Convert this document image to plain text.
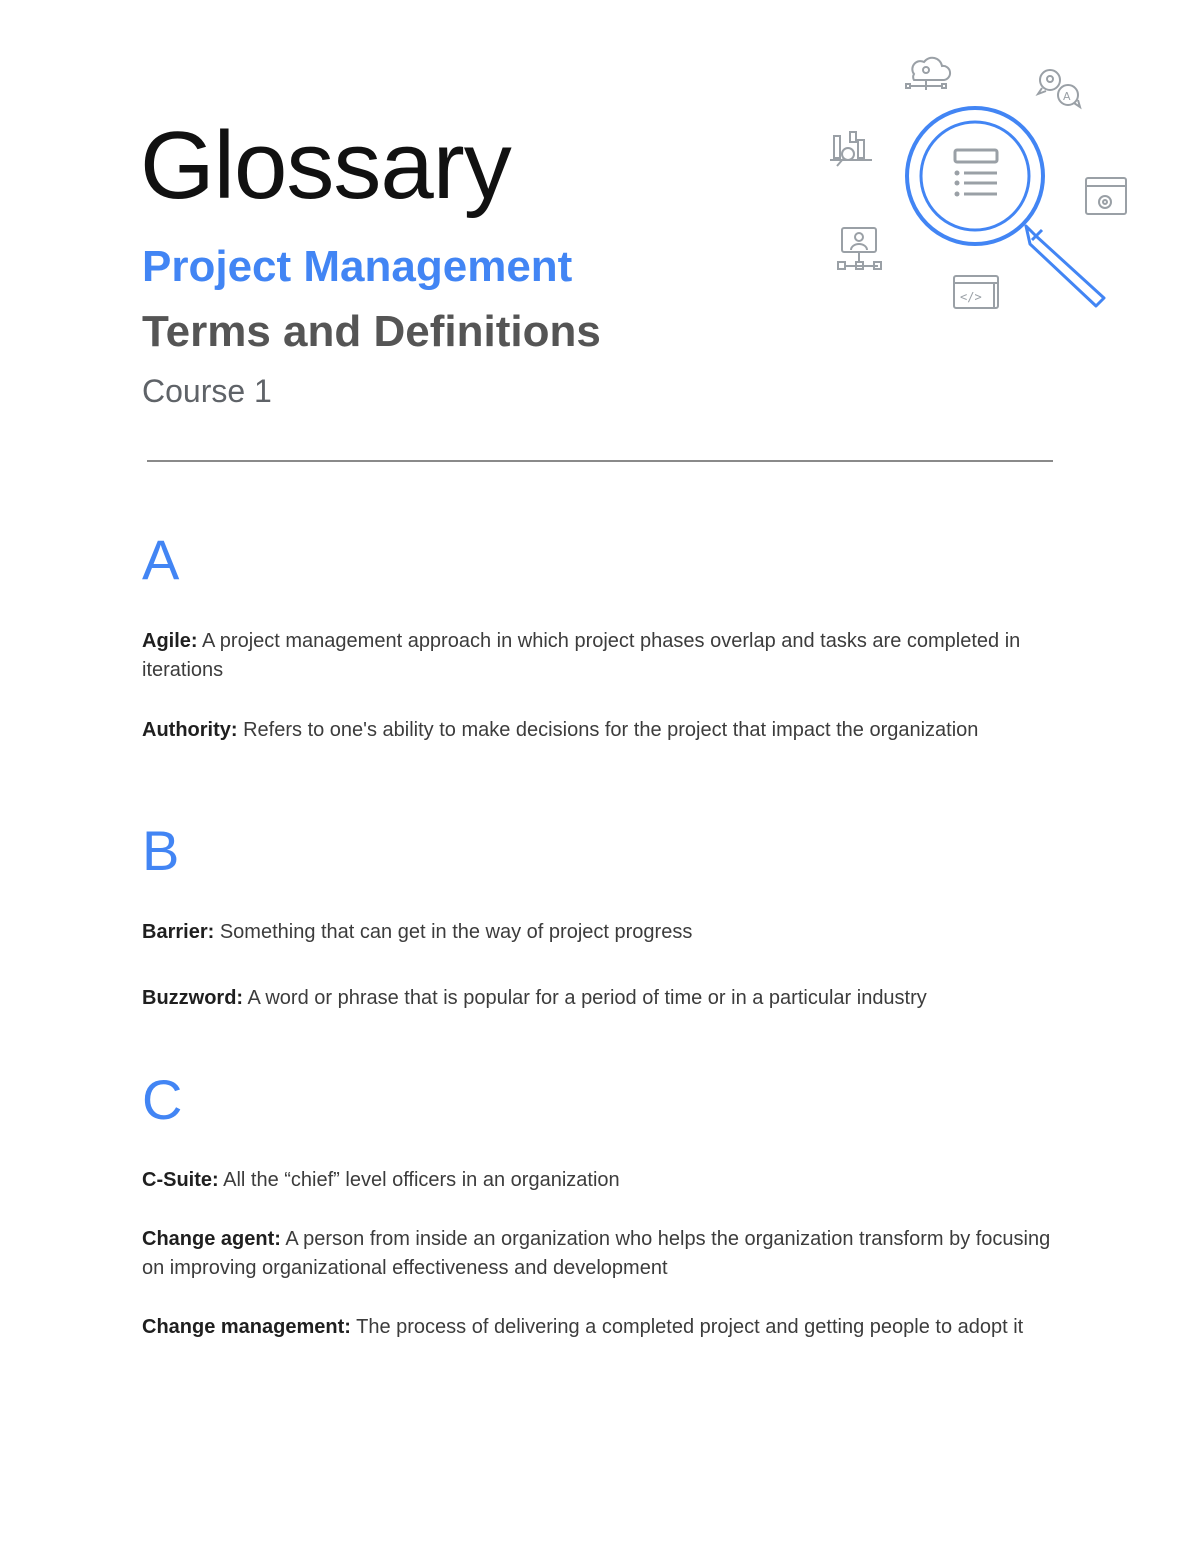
Glossary
Project Management
Terms and Definitions
Course 1
A
</>
A

Agile: A project management approach in which project phases overlap and tasks are completed in iterations

Authority: Refers to one's ability to make decisions for the project that impact the organization

B

Barrier: Something that can get in the way of project progress

Buzzword: A word or phrase that is popular for a period of time or in a particular industry

C

C-Suite: All the “chief” level officers in an organization

Change agent: A person from inside an organization who helps the organization transform by focusing on improving organizational effectiveness and development

Change management: The process of delivering a completed project and getting people to adopt it
